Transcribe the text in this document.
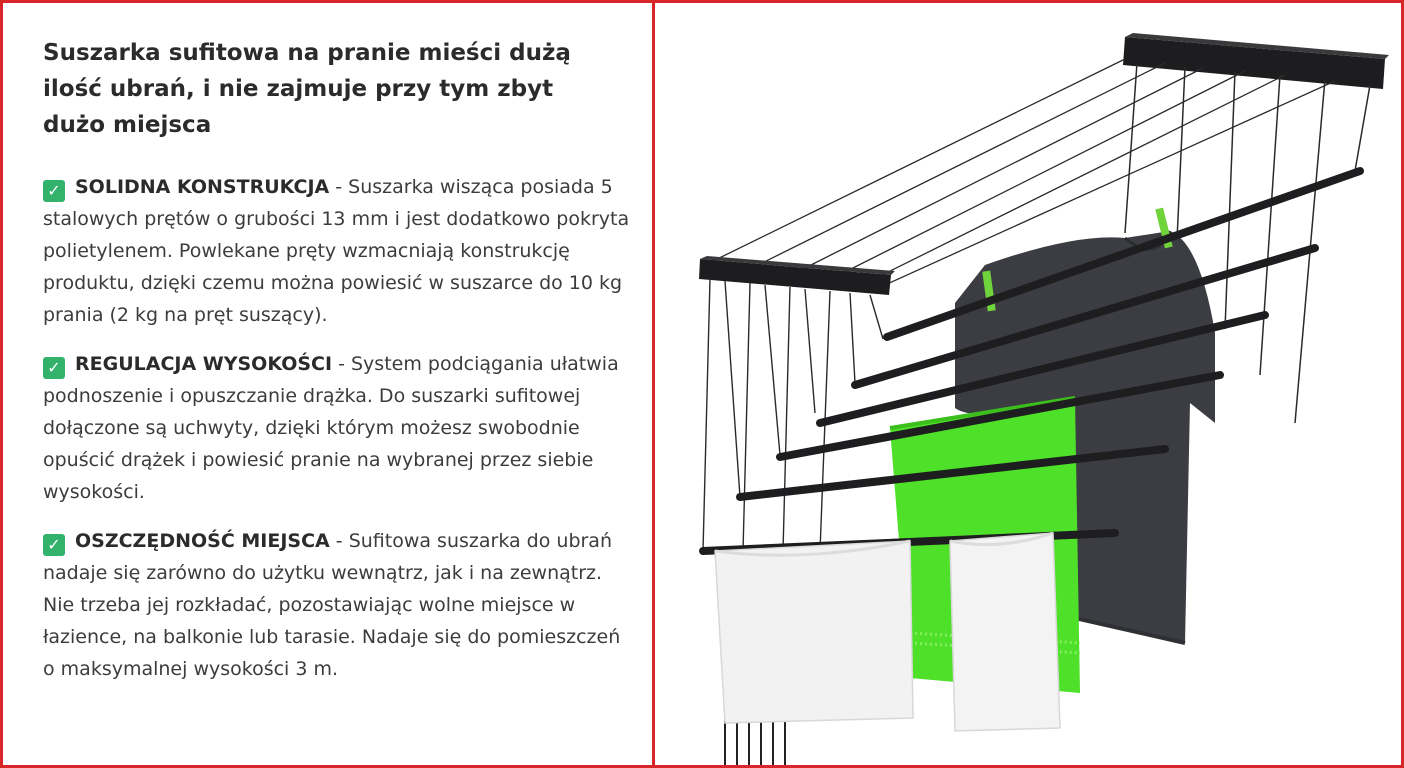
Suszarka sufitowa na pranie mieści dużą ilość ubrań, i nie zajmuje przy tym zbyt dużo miejsca

✓ SOLIDNA KONSTRUKCJA - Suszarka wisząca posiada 5 stalowych prętów o grubości 13 mm i jest dodatkowo pokryta polietylenem. Powlekane pręty wzmacniają konstrukcję produktu, dzięki czemu można powiesić w suszarce do 10 kg prania (2 kg na pręt suszący).

✓ REGULACJA WYSOKOŚCI - System podciągania ułatwia podnoszenie i opuszczanie drążka. Do suszarki sufitowej dołączone są uchwyty, dzięki którym możesz swobodnie opuścić drążek i powiesić pranie na wybranej przez siebie wysokości.

✓ OSZCZĘDNOŚĆ MIEJSCA - Sufitowa suszarka do ubrań nadaje się zarówno do użytku wewnątrz, jak i na zewnątrz. Nie trzeba jej rozkładać, pozostawiając wolne miejsce w łazience, na balkonie lub tarasie. Nadaje się do pomieszczeń o maksymalnej wysokości 3 m.
